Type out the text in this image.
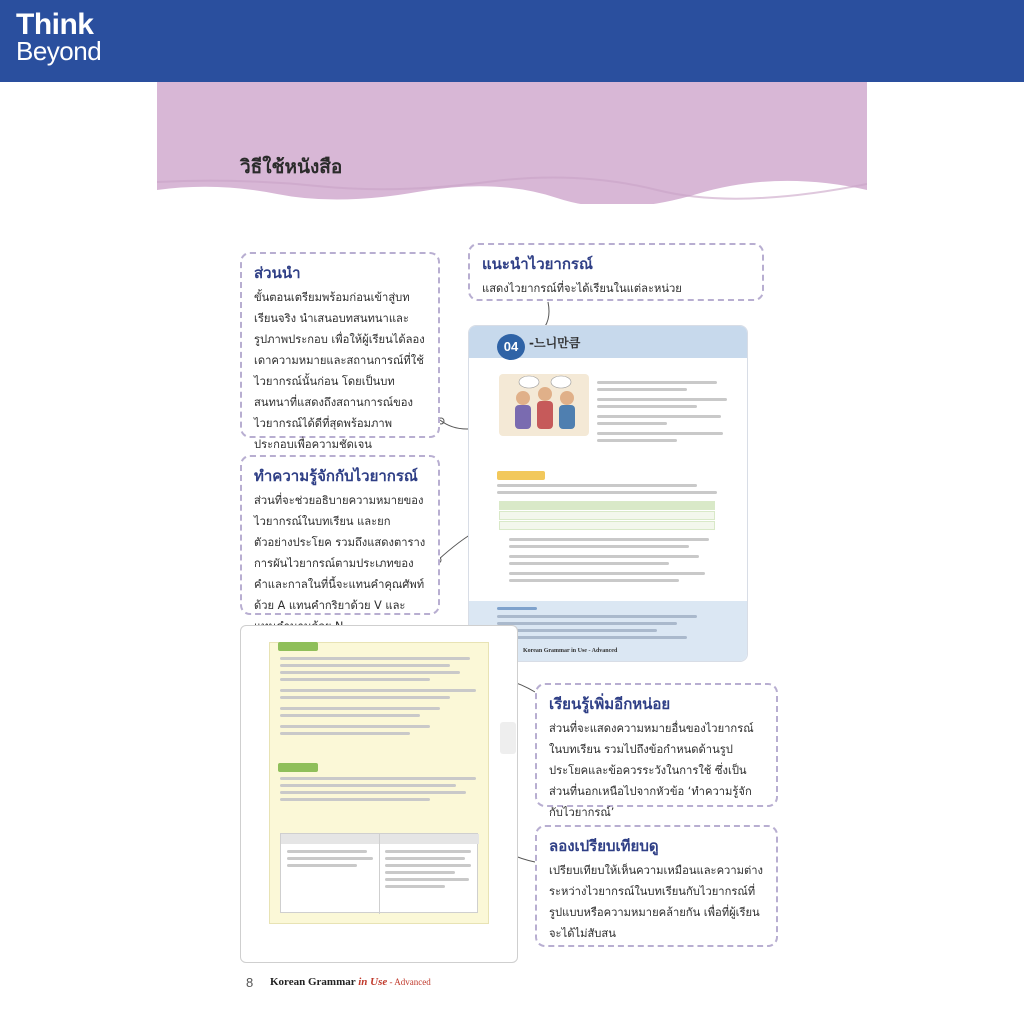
Think
Beyond
วิธีใช้หนังสือ
ส่วนนำ

ขั้นตอนเตรียมพร้อมก่อนเข้าสู่บทเรียนจริง นำเสนอบทสนทนาและรูปภาพประกอบ เพื่อให้ผู้เรียนได้ลองเดาความหมายและสถานการณ์ที่ใช้ไวยากรณ์นั้นก่อน โดยเป็นบทสนทนาที่แสดงถึงสถานการณ์ของไวยากรณ์ได้ดีที่สุดพร้อมภาพประกอบเพื่อความชัดเจน

แนะนำไวยากรณ์

แสดงไวยากรณ์ที่จะได้เรียนในแต่ละหน่วย

ทำความรู้จักกับไวยากรณ์

ส่วนที่จะช่วยอธิบายความหมายของไวยากรณ์ในบทเรียน และยกตัวอย่างประโยค รวมถึงแสดงตารางการผันไวยากรณ์ตามประเภทของคำและกาลในที่นี้จะแทนคำคุณศัพท์ด้วย A แทนคำกริยาด้วย V และ

04 -느니만큼
Korean Grammar in Use - Advanced
เรียนรู้เพิ่มอีกหน่อย

ส่วนที่จะแสดงความหมายอื่นของไวยากรณ์ในบทเรียน รวมไปถึงข้อกำหนดด้านรูปประโยคและข้อควรระวังในการใช้ ซึ่งเป็นส่วนที่นอกเหนือไปจากหัวข้อ ‘ทำความรู้จักกับไวยากรณ์’

ลองเปรียบเทียบดู

เปรียบเทียบให้เห็นความเหมือนและความต่างระหว่างไวยากรณ์ในบทเรียนกับไวยากรณ์ที่รูปแบบหรือความหมายคล้ายกัน เพื่อที่ผู้เรียนจะได้ไม่สับสน

8 Korean Grammar in Use - Advanced
